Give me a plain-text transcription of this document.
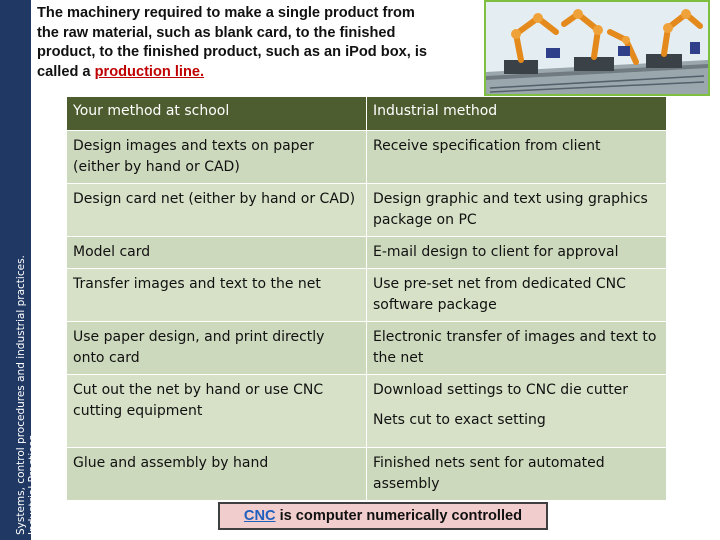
Systems, control procedures and industrial practices. Industrial Practices
The machinery required to make a single product from the raw material, such as blank card, to the finished product, to the finished product, such as an iPod box, is called a production line.
Your method at school	Industrial method
Design images and texts on paper (either by hand or CAD)	Receive specification from client
Design card net (either by hand or CAD)	Design graphic and text using graphics package on PC
Model card	E-mail design to client for approval
Transfer images and text to the net	Use pre-set net from dedicated CNC software package
Use paper design, and print directly onto card	Electronic transfer of images and text to the net
Cut out the net by hand or use CNC cutting equipment	Download settings to CNC die cutter
Nets cut to exact setting

Glue and assembly by hand	Finished nets sent for automated assembly
CNC is computer numerically controlled
